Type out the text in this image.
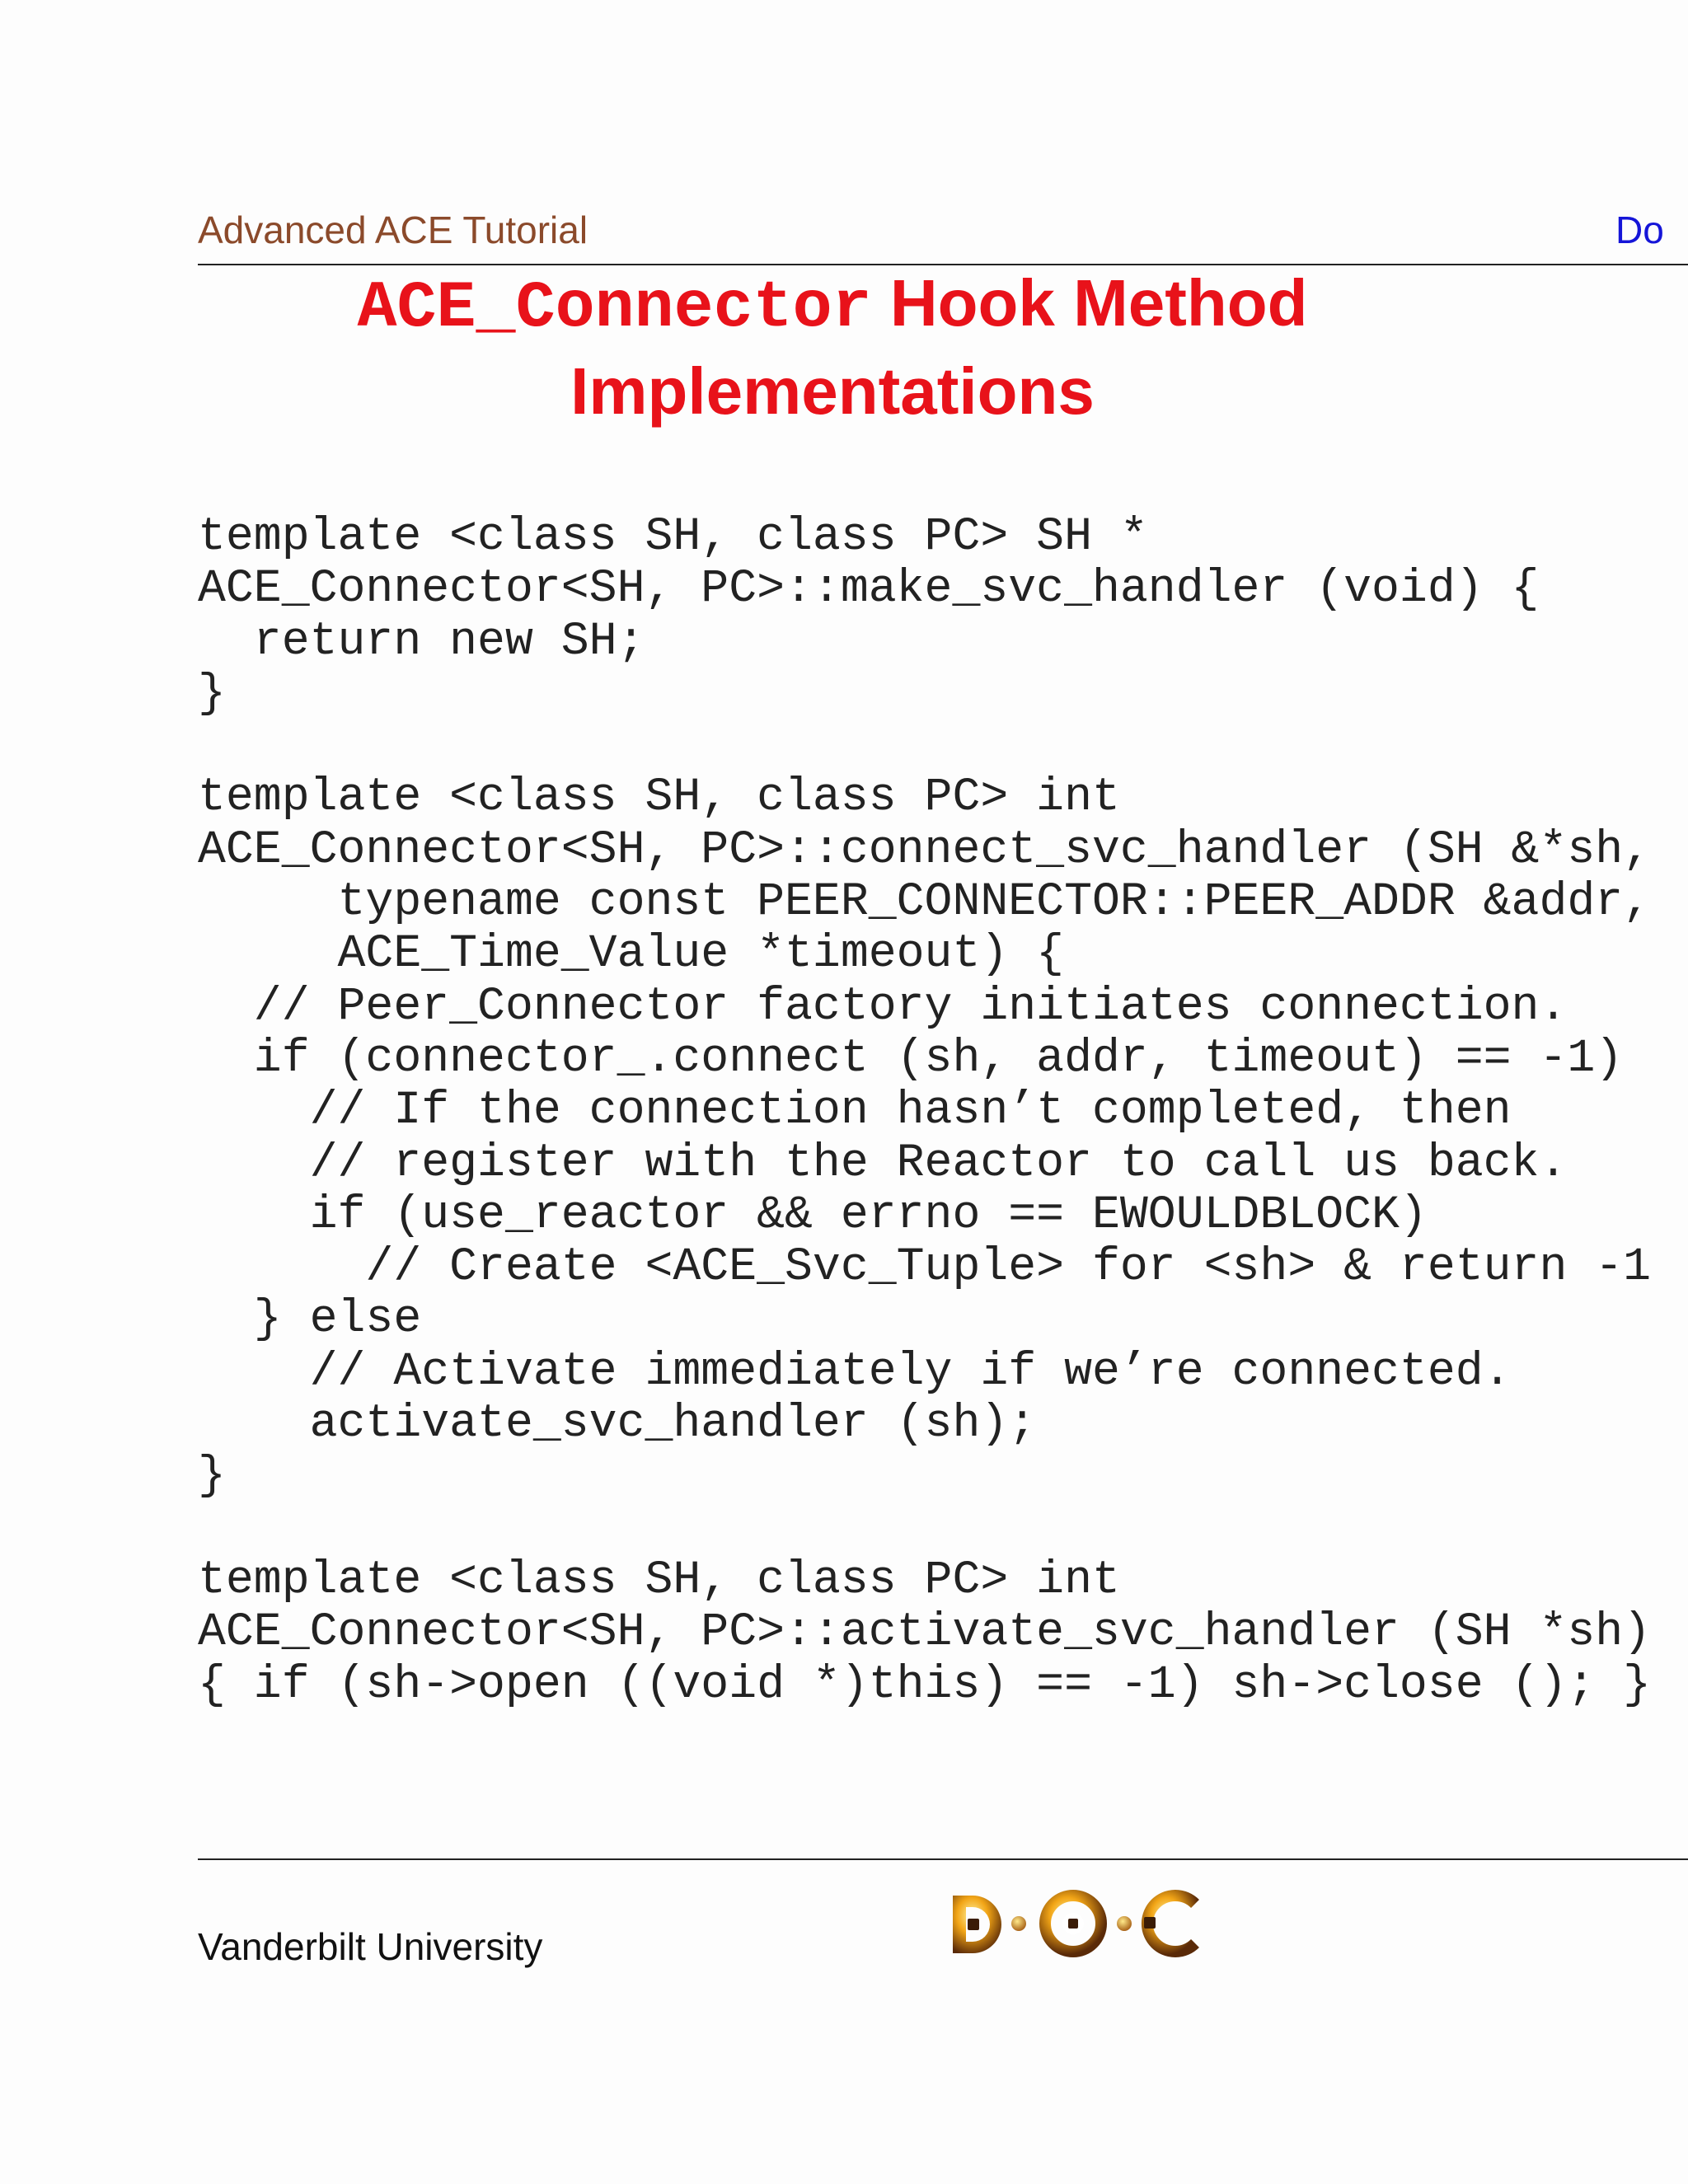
Advanced ACE Tutorial	Do
ACE_Connector Hook Method
Implementations
template <class SH, class PC> SH *
ACE_Connector<SH, PC>::make_svc_handler (void) {
return new SH;
}
template <class SH, class PC> int
ACE_Connector<SH, PC>::connect_svc_handler (SH &*sh,
typename const PEER_CONNECTOR::PEER_ADDR &addr,
ACE_Time_Value *timeout) {
// Peer_Connector factory initiates connection.
if (connector_.connect (sh, addr, timeout) == -1)
// If the connection hasn’t completed, then
// register with the Reactor to call us back.
if (use_reactor && errno == EWOULDBLOCK)
// Create <ACE_Svc_Tuple> for <sh> & return -1
} else
// Activate immediately if we’re connected.
activate_svc_handler (sh);
}
template <class SH, class PC> int
ACE_Connector<SH, PC>::activate_svc_handler (SH *sh)
{ if (sh->open ((void *)this) == -1) sh->close (); }
Vanderbilt University
